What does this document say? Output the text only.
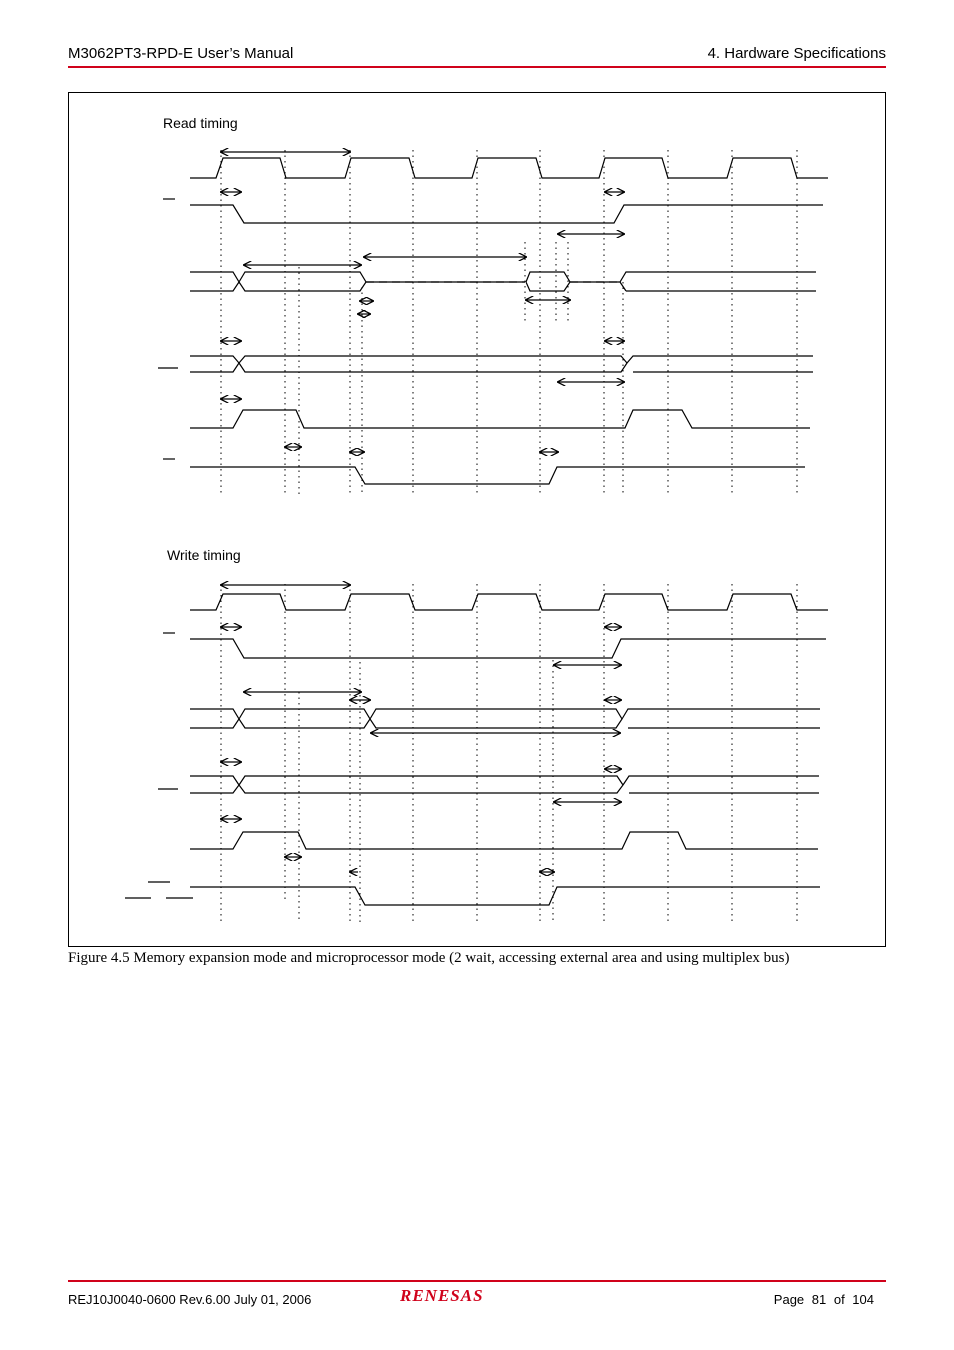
M3062PT3-RPD-E User’s Manual	4. Hardware Specifications
Read timing
Write timing
Figure 4.5 Memory expansion mode and microprocessor mode (2 wait, accessing external area and using multiplex bus)
REJ10J0040-0600 Rev.6.00 July 01, 2006	RENESAS	Page 81 of 104
